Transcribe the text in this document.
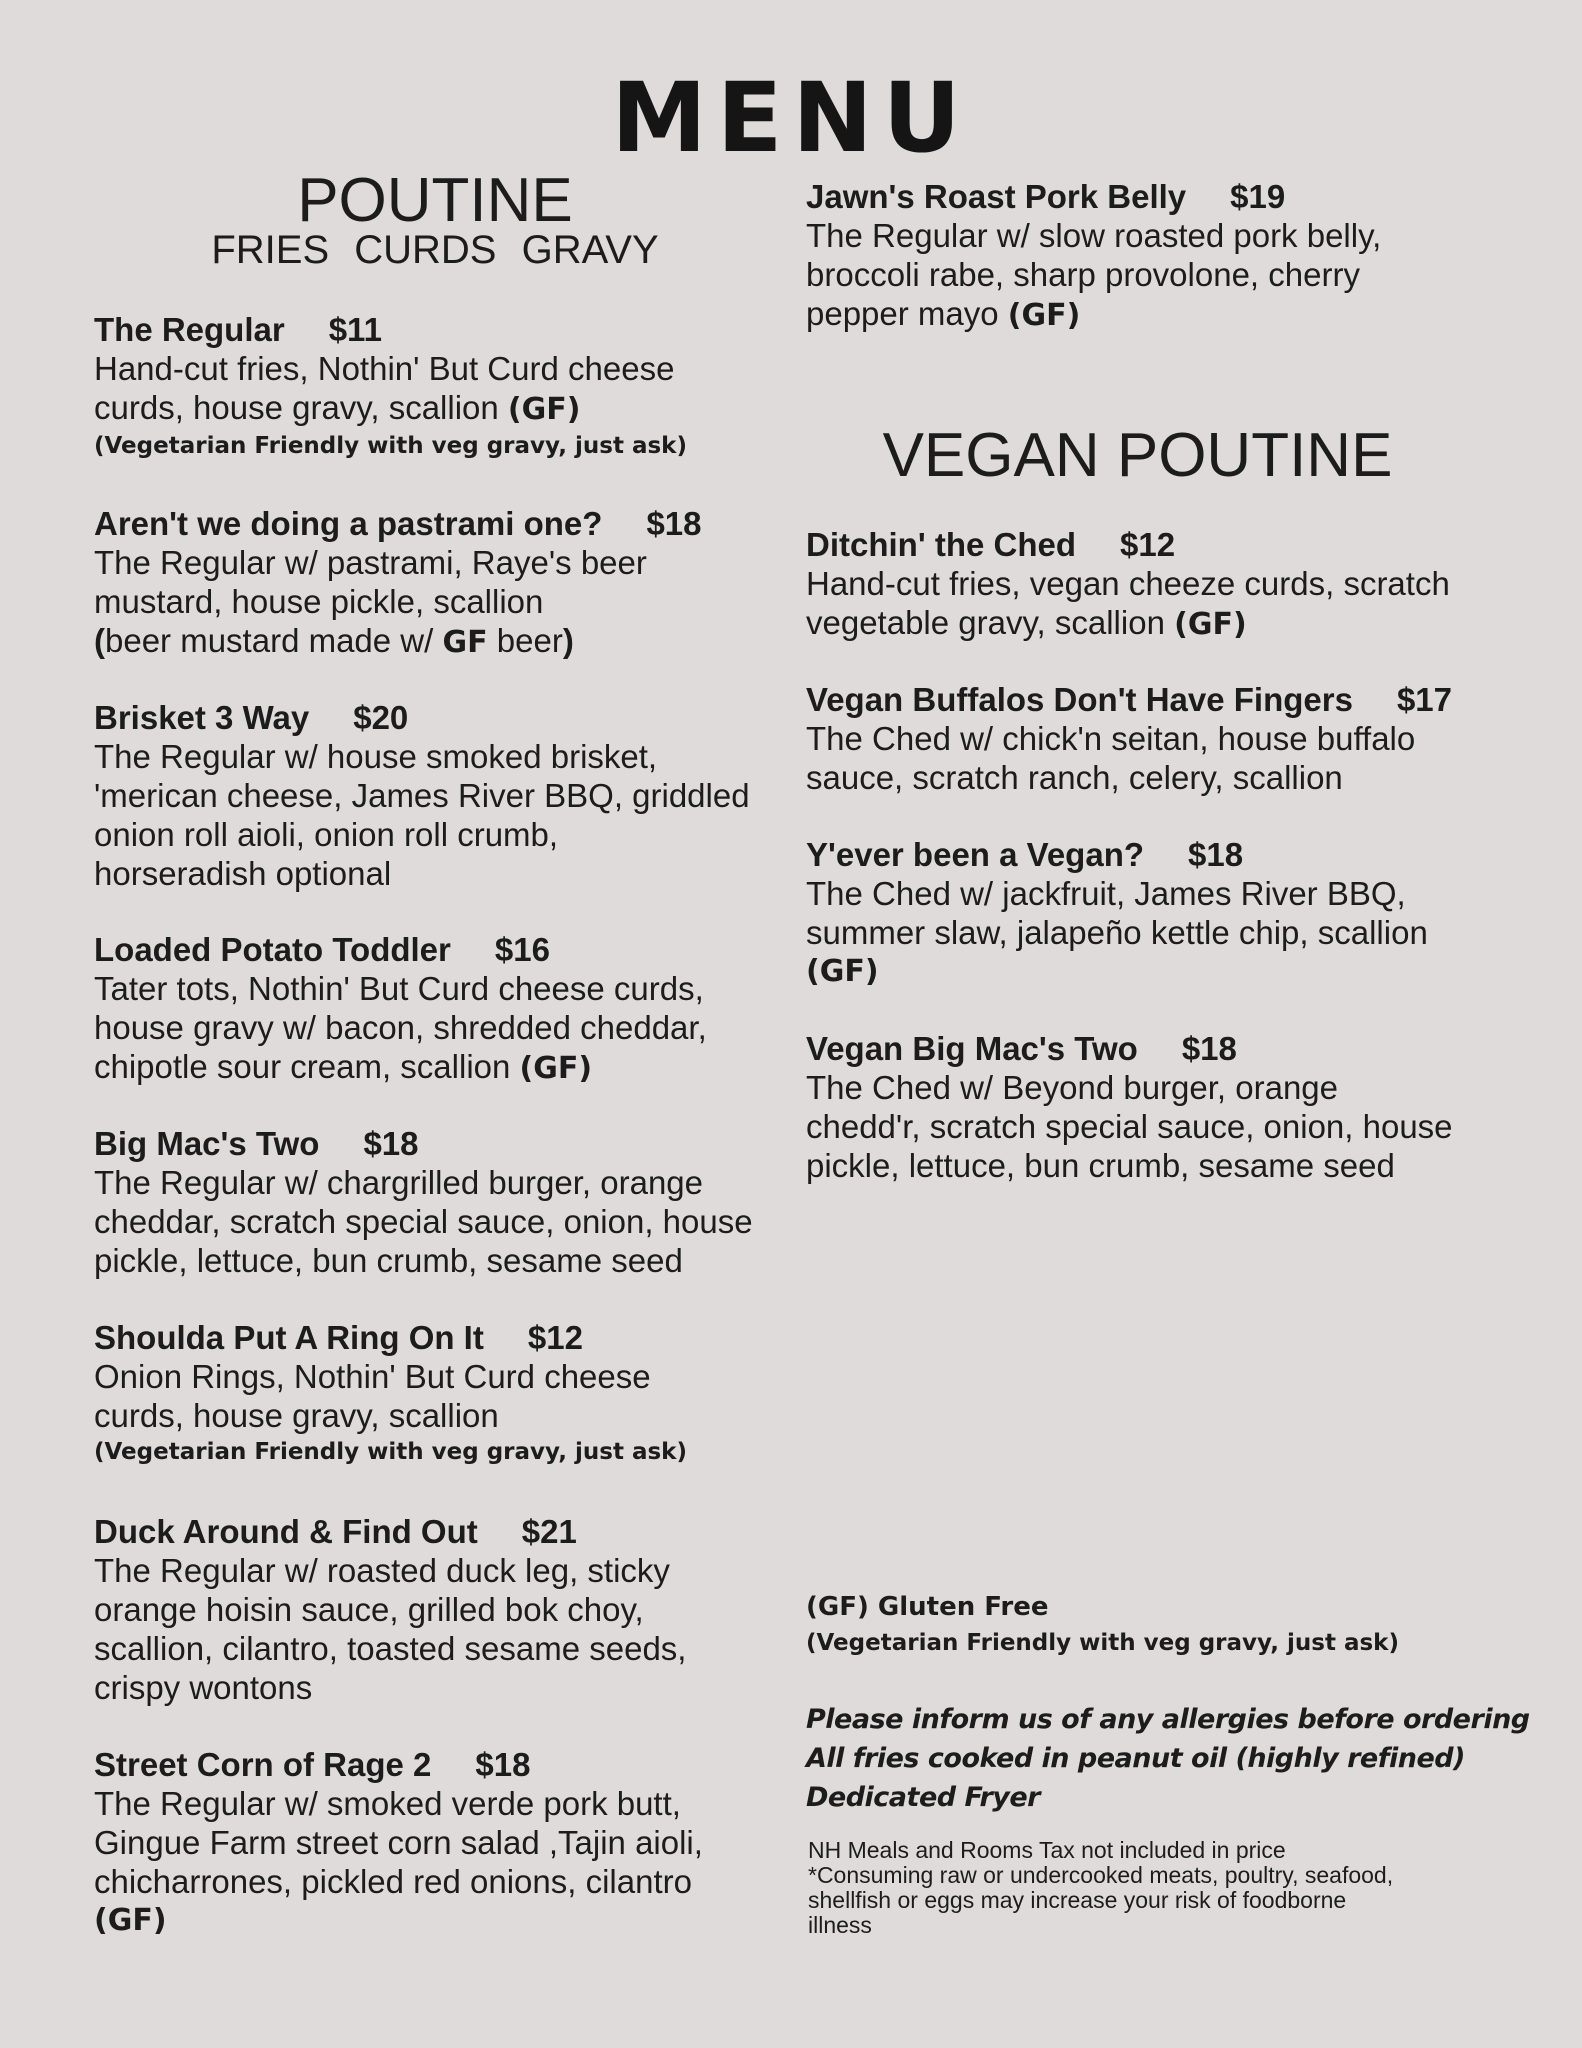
MENU
POUTINE
FRIES CURDS GRAVY
The Regular $11
Hand-cut fries, Nothin' But Curd cheese
curds, house gravy, scallion (GF)
(Vegetarian Friendly with veg gravy, just ask)
Aren't we doing a pastrami one? $18
The Regular w/ pastrami, Raye's beer
mustard, house pickle, scallion
(beer mustard made w/ GF beer)
Brisket 3 Way $20
The Regular w/ house smoked brisket,
'merican cheese, James River BBQ, griddled
onion roll aioli, onion roll crumb,
horseradish optional
Loaded Potato Toddler $16
Tater tots, Nothin' But Curd cheese curds,
house gravy w/ bacon, shredded cheddar,
chipotle sour cream, scallion (GF)
Big Mac's Two $18
The Regular w/ chargrilled burger, orange
cheddar, scratch special sauce, onion, house
pickle, lettuce, bun crumb, sesame seed
Shoulda Put A Ring On It $12
Onion Rings, Nothin' But Curd cheese
curds, house gravy, scallion
(Vegetarian Friendly with veg gravy, just ask)
Duck Around & Find Out $21
The Regular w/ roasted duck leg, sticky
orange hoisin sauce, grilled bok choy,
scallion, cilantro, toasted sesame seeds,
crispy wontons
Street Corn of Rage 2 $18
The Regular w/ smoked verde pork butt,
Gingue Farm street corn salad ,Tajin aioli,
chicharrones, pickled red onions, cilantro
(GF)
Jawn's Roast Pork Belly $19
The Regular w/ slow roasted pork belly,
broccoli rabe, sharp provolone, cherry
pepper mayo (GF)
VEGAN POUTINE
Ditchin' the Ched $12
Hand-cut fries, vegan cheeze curds, scratch
vegetable gravy, scallion (GF)
Vegan Buffalos Don't Have Fingers $17
The Ched w/ chick'n seitan, house buffalo
sauce, scratch ranch, celery, scallion
Y'ever been a Vegan? $18
The Ched w/ jackfruit, James River BBQ,
summer slaw, jalapeño kettle chip, scallion
(GF)
Vegan Big Mac's Two $18
The Ched w/ Beyond burger, orange
chedd'r, scratch special sauce, onion, house
pickle, lettuce, bun crumb, sesame seed
(GF) Gluten Free
(Vegetarian Friendly with veg gravy, just ask)
Please inform us of any allergies before ordering
All fries cooked in peanut oil (highly refined)
Dedicated Fryer
NH Meals and Rooms Tax not included in price
*Consuming raw or undercooked meats, poultry, seafood,
shellfish or eggs may increase your risk of foodborne
illness
